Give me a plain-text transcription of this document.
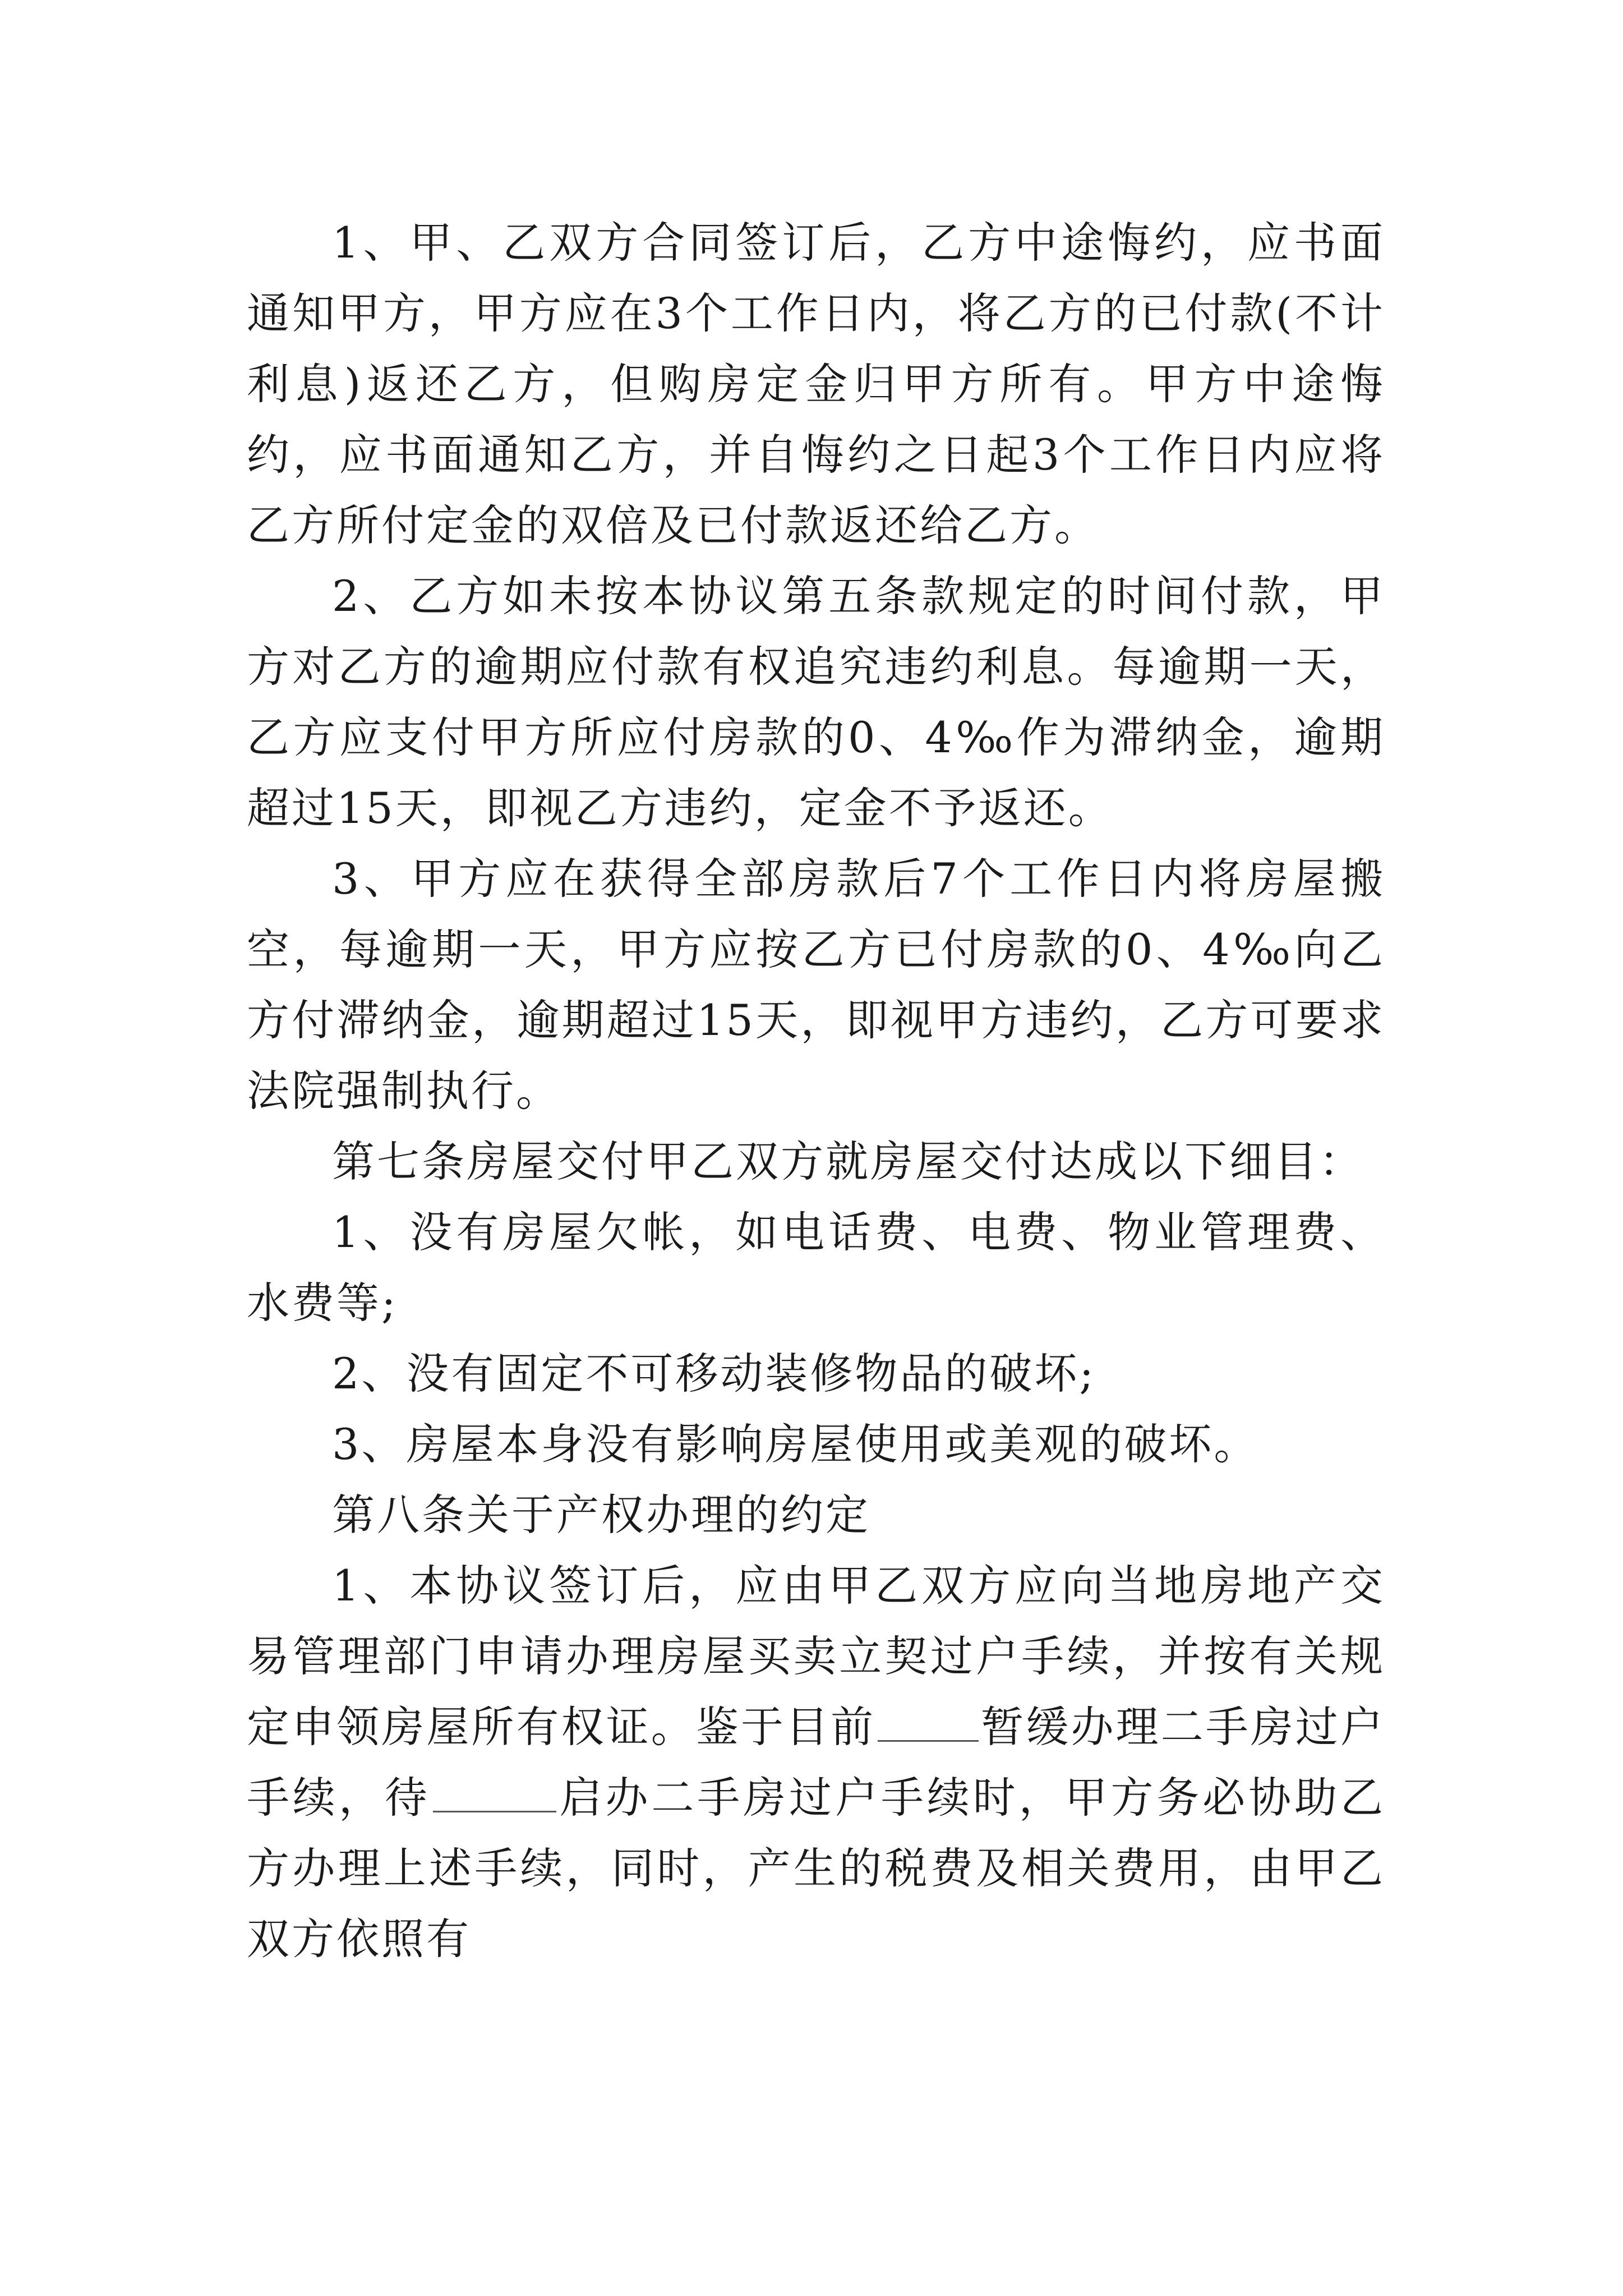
1、甲、乙双方合同签订后，乙方中途悔约，应书面通知甲方，甲方应在3个工作日内，将乙方的已付款(不计利息)返还乙方，但购房定金归甲方所有。甲方中途悔约，应书面通知乙方，并自悔约之日起3个工作日内应将乙方所付定金的双倍及已付款返还给乙方。

2、乙方如未按本协议第五条款规定的时间付款，甲方对乙方的逾期应付款有权追究违约利息。每逾期一天，乙方应支付甲方所应付房款的0、4‰作为滞纳金，逾期超过15天，即视乙方违约，定金不予返还。

3、甲方应在获得全部房款后7个工作日内将房屋搬空，每逾期一天，甲方应按乙方已付房款的0、4‰向乙方付滞纳金，逾期超过15天，即视甲方违约，乙方可要求法院强制执行。

第七条房屋交付甲乙双方就房屋交付达成以下细目：

1、没有房屋欠帐，如电话费、电费、物业管理费、水费等;

2、没有固定不可移动装修物品的破坏;

3、房屋本身没有影响房屋使用或美观的破坏。

第八条关于产权办理的约定

1、本协议签订后，应由甲乙双方应向当地房地产交易管理部门申请办理房屋买卖立契过户手续，并按有关规定申领房屋所有权证。鉴于目前 暂缓办理二手房过户手续，待	启办二手房过户手续时，甲方务必协助乙方办理上述手续，同时，产生的税费及相关费用，由甲乙双方依照有
